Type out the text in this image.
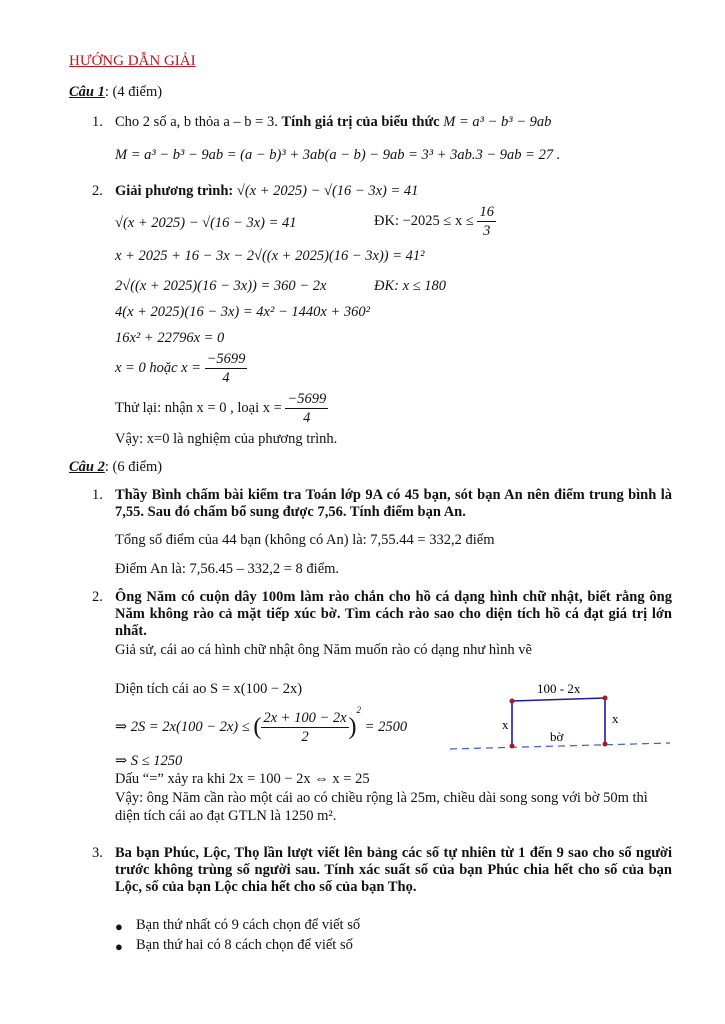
HƯỚNG DẪN GIẢI
Câu 1: (4 điểm)
1. Cho 2 số a, b thỏa a – b = 3. Tính giá trị của biểu thức M = a³ − b³ − 9ab
M = a³ − b³ − 9ab = (a − b)³ + 3ab(a − b) − 9ab = 3³ + 3ab.3 − 9ab = 27 .
2. Giải phương trình: √(x + 2025) − √(16 − 3x) = 41
√(x + 2025) − √(16 − 3x) = 41	ĐK: $-2025 \le x \le \frac{16}{3}$
x + 2025 + 16 − 3x − 2√((x + 2025)(16 − 3x)) = 41²
2√((x + 2025)(16 − 3x)) = 360 − 2x	ĐK: x ≤ 180
4(x + 2025)(16 − 3x) = 4x² − 1440x + 360²
16x² + 22796x = 0
x = 0 hoặc $x = \frac{-5699}{4}$
Thử lại: nhận x = 0 , loại $x = \frac{-5699}{4}$
Vậy: x=0 là nghiệm của phương trình.
Câu 2: (6 điểm)
1. Thầy Bình chấm bài kiểm tra Toán lớp 9A có 45 bạn, sót bạn An nên điểm trung bình là 7,55. Sau đó chấm bổ sung được 7,56. Tính điểm bạn An.
Tổng số điểm của 44 bạn (không có An) là: 7,55.44 = 332,2 điểm
Điểm An là: 7,56.45 – 332,2 = 8 điểm.
2. Ông Năm có cuộn dây 100m làm rào chắn cho hồ cá dạng hình chữ nhật, biết rằng ông Năm không rào cả mặt tiếp xúc bờ. Tìm cách rào sao cho diện tích hồ cá đạt giá trị lớn nhất.
Giả sử, cái ao cá hình chữ nhật ông Năm muốn rào có dạng như hình vẽ
Diện tích cái ao S = x(100 − 2x)
⇒ 2S = 2x(100 − 2x) ≤ ( $\frac{2x + 100 - 2x}{2} )^2 = 2500$
⇒ S ≤ 1250
Dấu “=” xảy ra khi 2x = 100 − 2x ⇔ x = 25
Vậy: ông Năm cần rào một cái ao có chiều rộng là 25m, chiều dài song song với bờ 50m thì diện tích cái ao đạt GTLN là 1250 m².
100 - 2x
x	x
bờ
3. Ba bạn Phúc, Lộc, Thọ lần lượt viết lên bảng các số tự nhiên từ 1 đến 9 sao cho số người trước không trùng số người sau. Tính xác suất số của bạn Phúc chia hết cho số của bạn Lộc, số của bạn Lộc chia hết cho số của bạn Thọ.
● Bạn thứ nhất có 9 cách chọn để viết số
● Bạn thứ hai có 8 cách chọn để viết số
